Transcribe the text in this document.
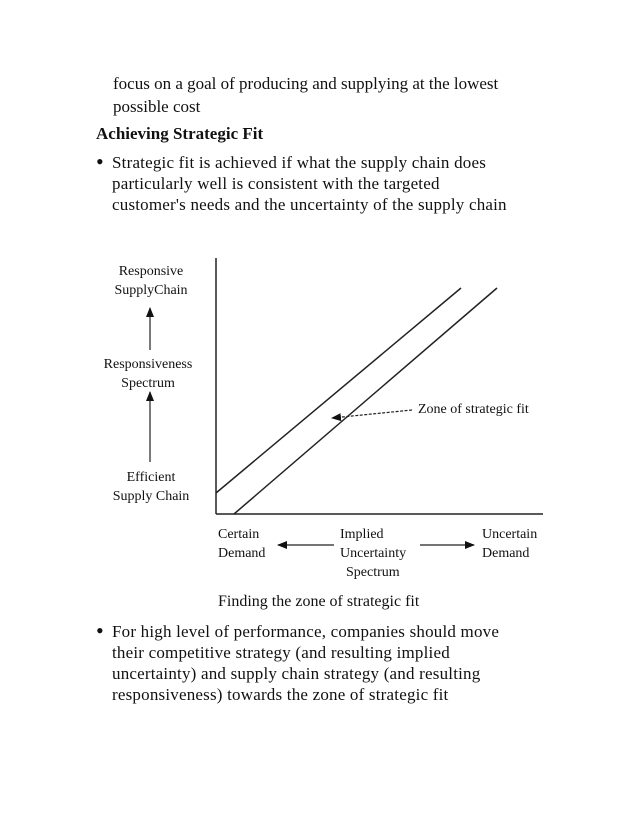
focus on a goal of producing and supplying at the lowest
possible cost
Achieving Strategic Fit
• Strategic fit is achieved if what the supply chain does
particularly well is consistent with the targeted
customer's needs and the uncertainty of the supply chain
Responsive
SupplyChain
Responsiveness
Spectrum
Efficient
Supply Chain
Zone of strategic fit
Certain
Demand
Implied
Uncertainty
Spectrum
Uncertain
Demand
Finding the zone of strategic fit
• For high level of performance, companies should move
their competitive strategy (and resulting implied
uncertainty) and supply chain strategy (and resulting
responsiveness) towards the zone of strategic fit
